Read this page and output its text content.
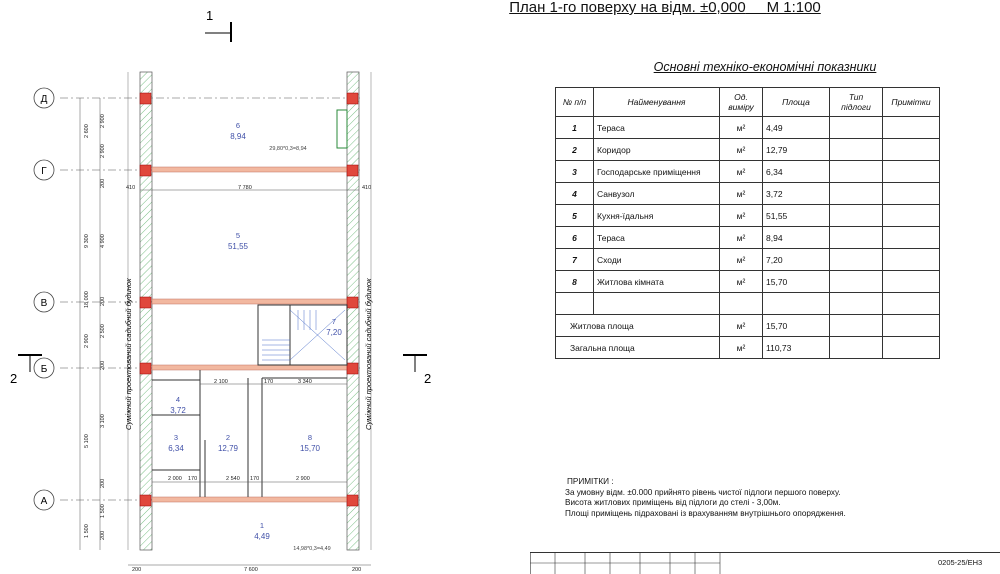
План 1-го поверху на відм. ±0,000 М 1:100
1
Суміжний проектований садибний будинок	Суміжний проектований садибний будинок
Д
Г
В
Б
А
6
8,94
29,80*0,3=8,94
5
51,55
7
7,20
4
3,72
3
6,34
2
12,79
8
15,70
1
4,49
14,98*0,3=4,49
2 900
2 900
200
4 900
200
2 500
200
3 100
200
1 500
200
2 600
9 300
18 000
2 900
5 100
1 500
200	7 600	200
410	7 780	410
2 100	170	3 340
2 000 170	2 540 170	2 900
2	2
Основні техніко-економічні показники
№ п/п	Найменування	Од. виміру	Площа	Тип підлоги	Примітки
1	Тераса	м²	4,49		
2	Коридор	м²	12,79		
3	Господарське приміщення	м²	6,34		
4	Санвузол	м²	3,72		
5	Кухня-їдальня	м²	51,55		
6	Тераса	м²	8,94		
7	Сходи	м²	7,20		
8	Житлова кімната	м²	15,70		

Житлова площа		м²	15,70		
Загальна площа		м²	110,73		
ПРИМІТКИ :
За умовну відм. ±0.000 прийнято рівень чистої підлоги першого поверху.
Висота житлових приміщень від підлоги до стелі - 3,00м.
Площі приміщень підраховані із врахуванням внутрішнього опорядження.
0205-25/ЕН3
